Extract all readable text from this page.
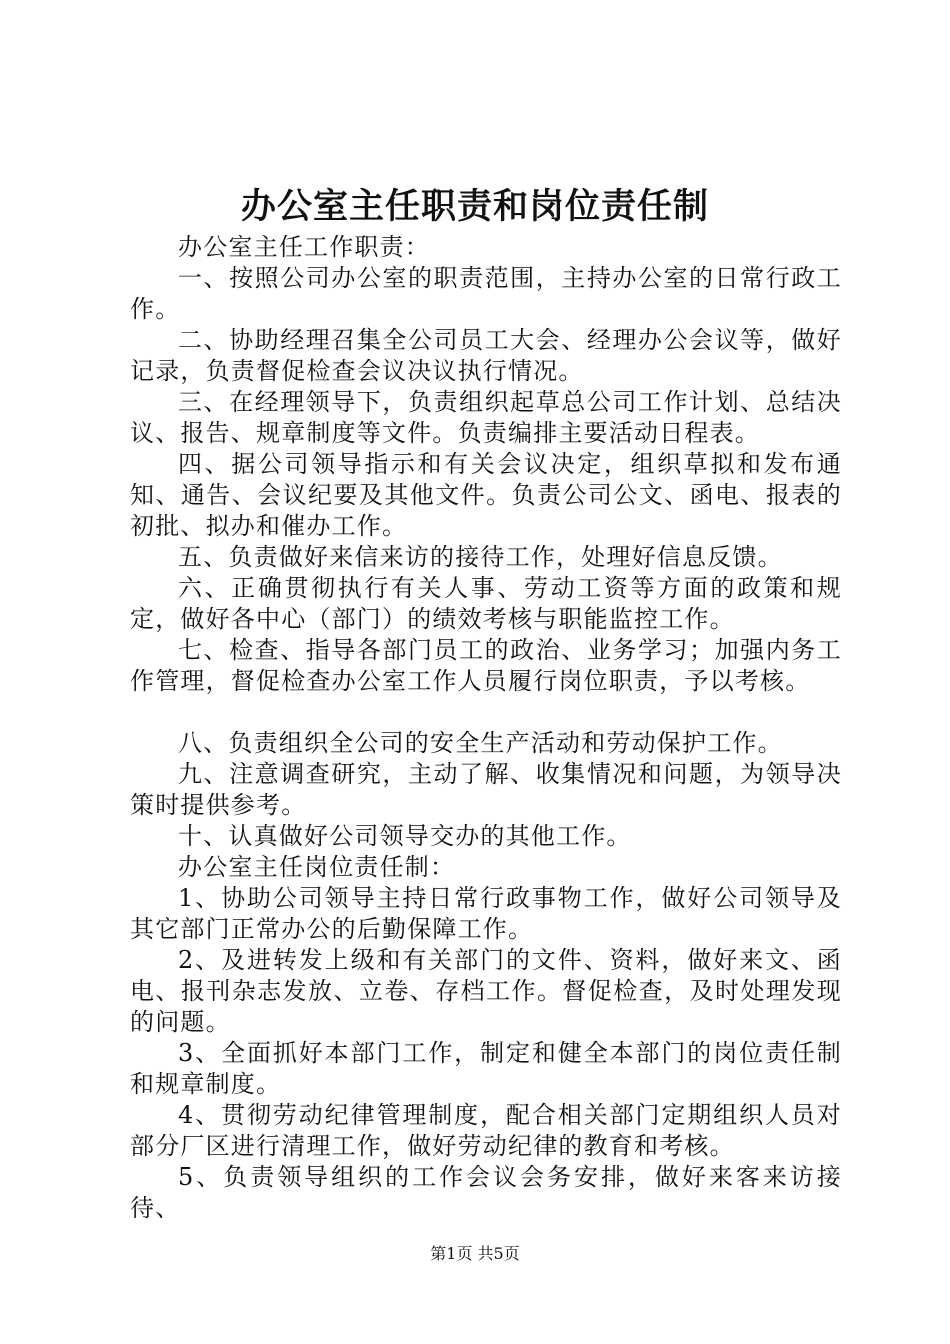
办公室主任职责和岗位责任制

办公室主任工作职责：

一、按照公司办公室的职责范围，主持办公室的日常行政工作。

二、协助经理召集全公司员工大会、经理办公会议等，做好记录，负责督促检查会议决议执行情况。

三、在经理领导下，负责组织起草总公司工作计划、总结决议、报告、规章制度等文件。负责编排主要活动日程表。

四、据公司领导指示和有关会议决定，组织草拟和发布通知、通告、会议纪要及其他文件。负责公司公文、函电、报表的初批、拟办和催办工作。

五、负责做好来信来访的接待工作，处理好信息反馈。

六、正确贯彻执行有关人事、劳动工资等方面的政策和规定，做好各中心（部门）的绩效考核与职能监控工作。

七、检查、指导各部门员工的政治、业务学习；加强内务工作管理，督促检查办公室工作人员履行岗位职责，予以考核。

八、负责组织全公司的安全生产活动和劳动保护工作。

九、注意调查研究，主动了解、收集情况和问题，为领导决策时提供参考。

十、认真做好公司领导交办的其他工作。

办公室主任岗位责任制：

1、协助公司领导主持日常行政事物工作，做好公司领导及其它部门正常办公的后勤保障工作。

2、及进转发上级和有关部门的文件、资料，做好来文、函电、报刊杂志发放、立卷、存档工作。督促检查，及时处理发现的问题。

3、全面抓好本部门工作，制定和健全本部门的岗位责任制和规章制度。

4、贯彻劳动纪律管理制度，配合相关部门定期组织人员对部分厂区进行清理工作，做好劳动纪律的教育和考核。

5、负责领导组织的工作会议会务安排，做好来客来访接待、

第1页 共5页
